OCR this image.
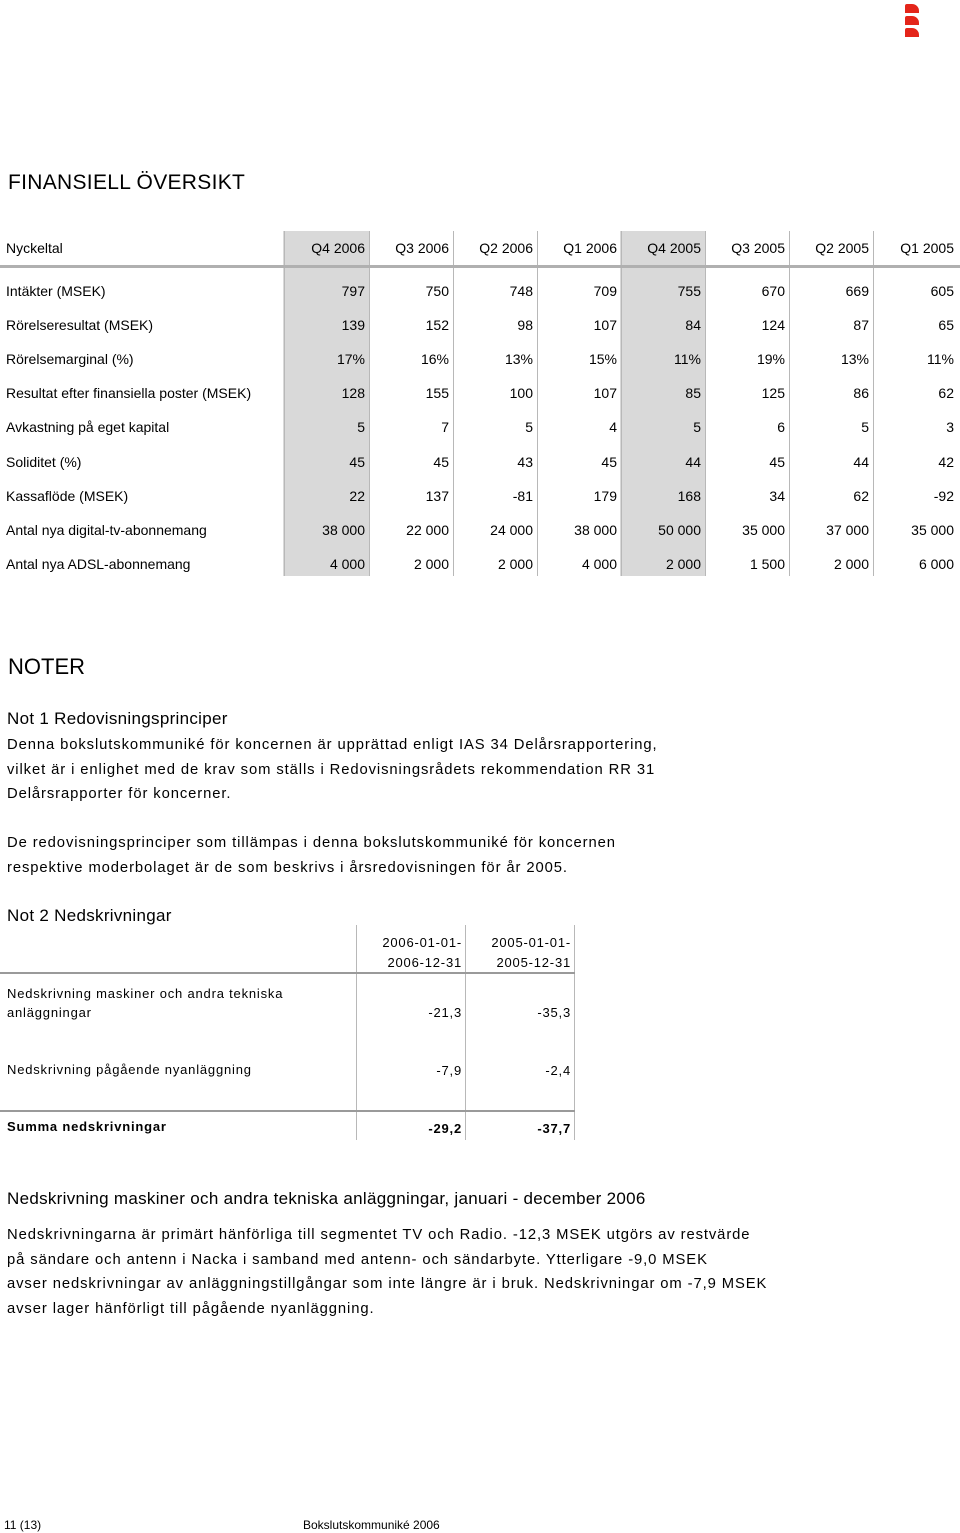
FINANSIELL ÖVERSIKT
Nyckeltal	Q4 2006	Q3 2006	Q2 2006	Q1 2006	Q4 2005	Q3 2005	Q2 2005	Q1 2005
Intäkter (MSEK)	797	750	748	709	755	670	669	605
Rörelseresultat (MSEK)	139	152	98	107	84	124	87	65
Rörelsemarginal (%)	17%	16%	13%	15%	11%	19%	13%	11%
Resultat efter finansiella poster (MSEK)	128	155	100	107	85	125	86	62
Avkastning på eget kapital	5	7	5	4	5	6	5	3
Soliditet (%)	45	45	43	45	44	45	44	42
Kassaflöde (MSEK)	22	137	-81	179	168	34	62	-92
Antal nya digital-tv-abonnemang	38 000	22 000	24 000	38 000	50 000	35 000	37 000	35 000
Antal nya ADSL-abonnemang	4 000	2 000	2 000	4 000	2 000	1 500	2 000	6 000
NOTER
Not 1 Redovisningsprinciper
Denna bokslutskommuniké för koncernen är upprättad enligt IAS 34 Delårsrapportering,
vilket är i enlighet med de krav som ställs i Redovisningsrådets rekommendation RR 31
Delårsrapporter för koncerner.
De redovisningsprinciper som tillämpas i denna bokslutskommuniké för koncernen
respektive moderbolaget är de som beskrivs i årsredovisningen för år 2005.
Not 2 Nedskrivningar
2006-01-01-
2006-12-31
2005-01-01-
2005-12-31
Nedskrivning maskiner och andra tekniska
anläggningar	-21,3	-35,3
Nedskrivning pågående nyanläggning	-7,9	-2,4
Summa nedskrivningar	-29,2	-37,7
Nedskrivning maskiner och andra tekniska anläggningar, januari - december 2006
Nedskrivningarna är primärt hänförliga till segmentet TV och Radio. -12,3 MSEK utgörs av restvärde
på sändare och antenn i Nacka i samband med antenn- och sändarbyte. Ytterligare -9,0 MSEK
avser nedskrivningar av anläggningstillgångar som inte längre är i bruk. Nedskrivningar om -7,9 MSEK
avser lager hänförligt till pågående nyanläggning.
11 (13)	Bokslutskommuniké 2006
